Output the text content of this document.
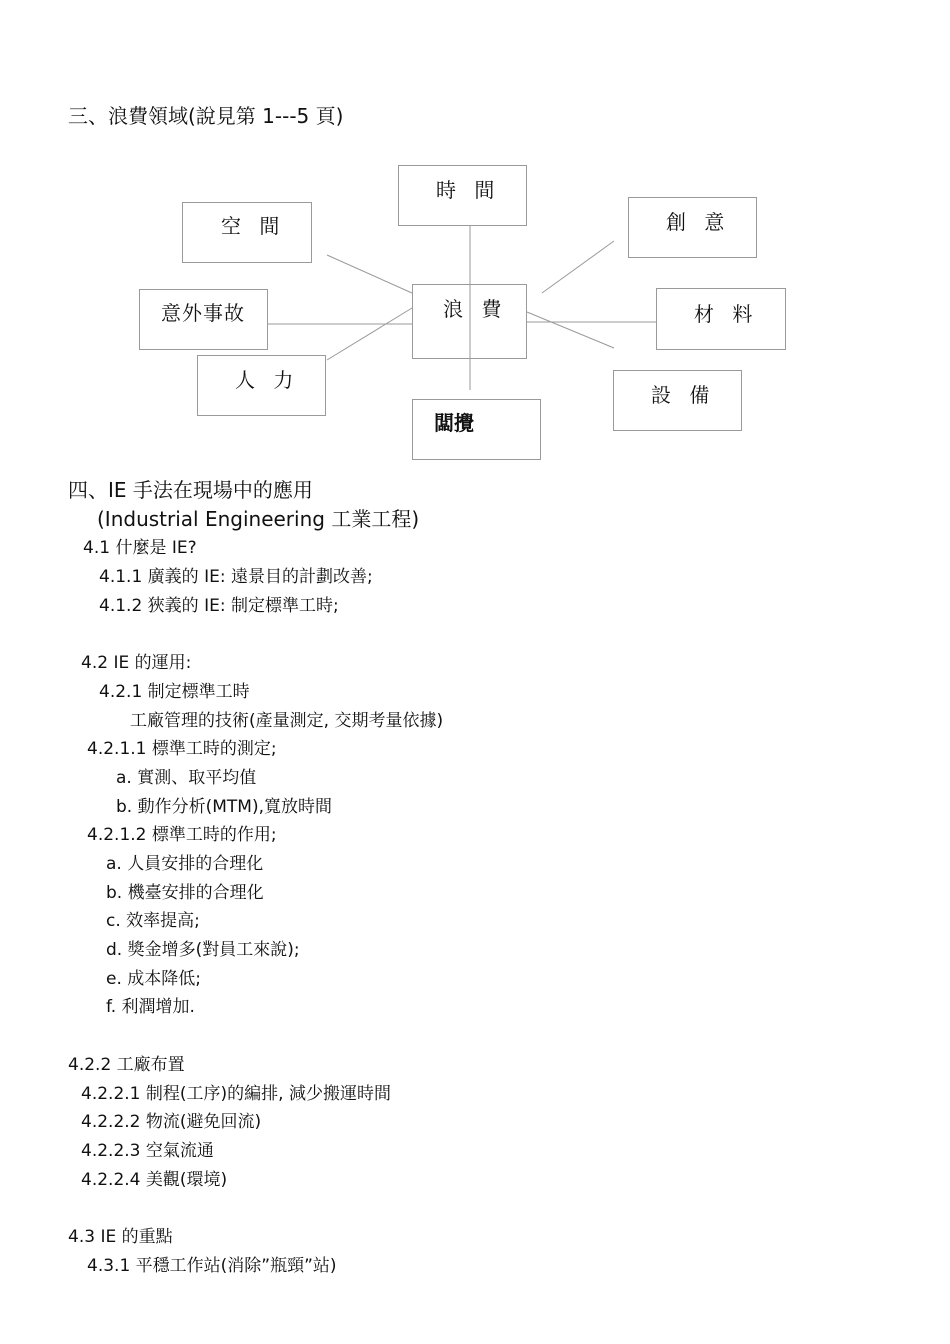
三、浪費領域(說見第 1---5 頁)
時 間
空 間	創 意
意外事故	浪 費	材 料
人 力
設 備
闆攪
四、IE 手法在現場中的應用
(Industrial Engineering 工業工程)
4.1 什麼是 IE?
4.1.1 廣義的 IE: 遠景目的計劃改善;
4.1.2 狹義的 IE: 制定標準工時;
4.2 IE 的運用:
4.2.1 制定標準工時
工廠管理的技術(產量測定, 交期考量依據)
4.2.1.1 標準工時的測定;
a. 實測、取平均值
b. 動作分析(MTM),寬放時間
4.2.1.2 標準工時的作用;
a. 人員安排的合理化
b. 機臺安排的合理化
c. 效率提高;
d. 獎金增多(對員工來說);
e. 成本降低;
f. 利潤增加.
4.2.2 工廠布置
4.2.2.1 制程(工序)的編排, 減少搬運時間
4.2.2.2 物流(避免回流)
4.2.2.3 空氣流通
4.2.2.4 美觀(環境)
4.3 IE 的重點
4.3.1 平穩工作站(消除”瓶頸”站)
